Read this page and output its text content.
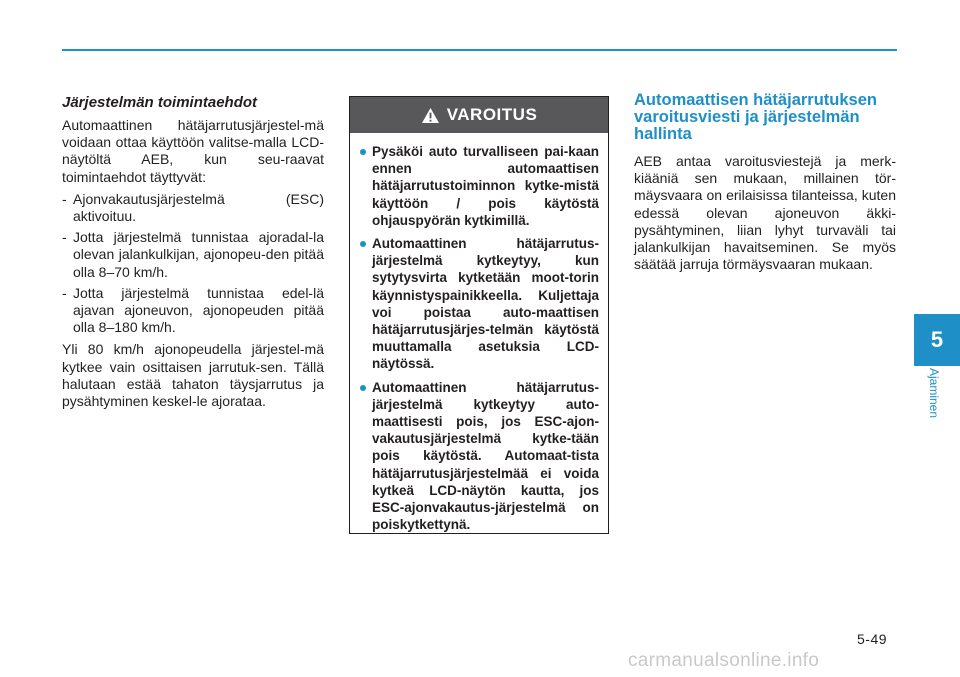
Järjestelmän toimintaehdot

Automaattinen hätäjarrutusjärjestel-mä voidaan ottaa käyttöön valitse-malla LCD-näytöltä AEB, kun seu-raavat toimintaehdot täyttyvät:

- Ajonvakautusjärjestelmä (ESC) aktivoituu.
- Jotta järjestelmä tunnistaa ajoradal-la olevan jalankulkijan, ajonopeu-den pitää olla 8–70 km/h.
- Jotta järjestelmä tunnistaa edel-lä ajavan ajoneuvon, ajonopeuden pitää olla 8–180 km/h.

Yli 80 km/h ajonopeudella järjestel-mä kytkee vain osittaisen jarrutuk-sen. Tällä halutaan estää tahaton täysjarrutus ja pysähtyminen keskel-le ajorataa.

VAROITUS
Pysäköi auto turvalliseen pai-kaan ennen automaattisen hätäjarrutustoiminnon kytke-mistä käyttöön / pois käytöstä ohjauspyörän kytkimillä.
Automaattinen hätäjarrutus-järjestelmä kytkeytyy, kun sytytysvirta kytketään moot-torin käynnistyspainikkeella. Kuljettaja voi poistaa auto-maattisen hätäjarrutusjärjes-telmän käytöstä muuttamalla asetuksia LCD-näytössä.
Automaattinen hätäjarrutus-järjestelmä kytkeytyy auto-maattisesti pois, jos ESC-ajon-vakautusjärjestelmä kytke-tään pois käytöstä. Automaat-tista hätäjarrutusjärjestelmää ei voida kytkeä LCD-näytön kautta, jos ESC-ajonvakautus-järjestelmä on poiskytkettynä.
Automaattisen hätäjarrutuksen varoitusviesti ja järjestelmän hallinta

AEB antaa varoitusviestejä ja merk-kiääniä sen mukaan, millainen tör-mäysvaara on erilaisissa tilanteissa, kuten edessä olevan ajoneuvon äkki-pysähtyminen, liian lyhyt turvaväli tai jalankulkijan havaitseminen. Se myös säätää jarruja törmäysvaaran mukaan.

5
Ajaminen
5-49
carmanualsonline.info
